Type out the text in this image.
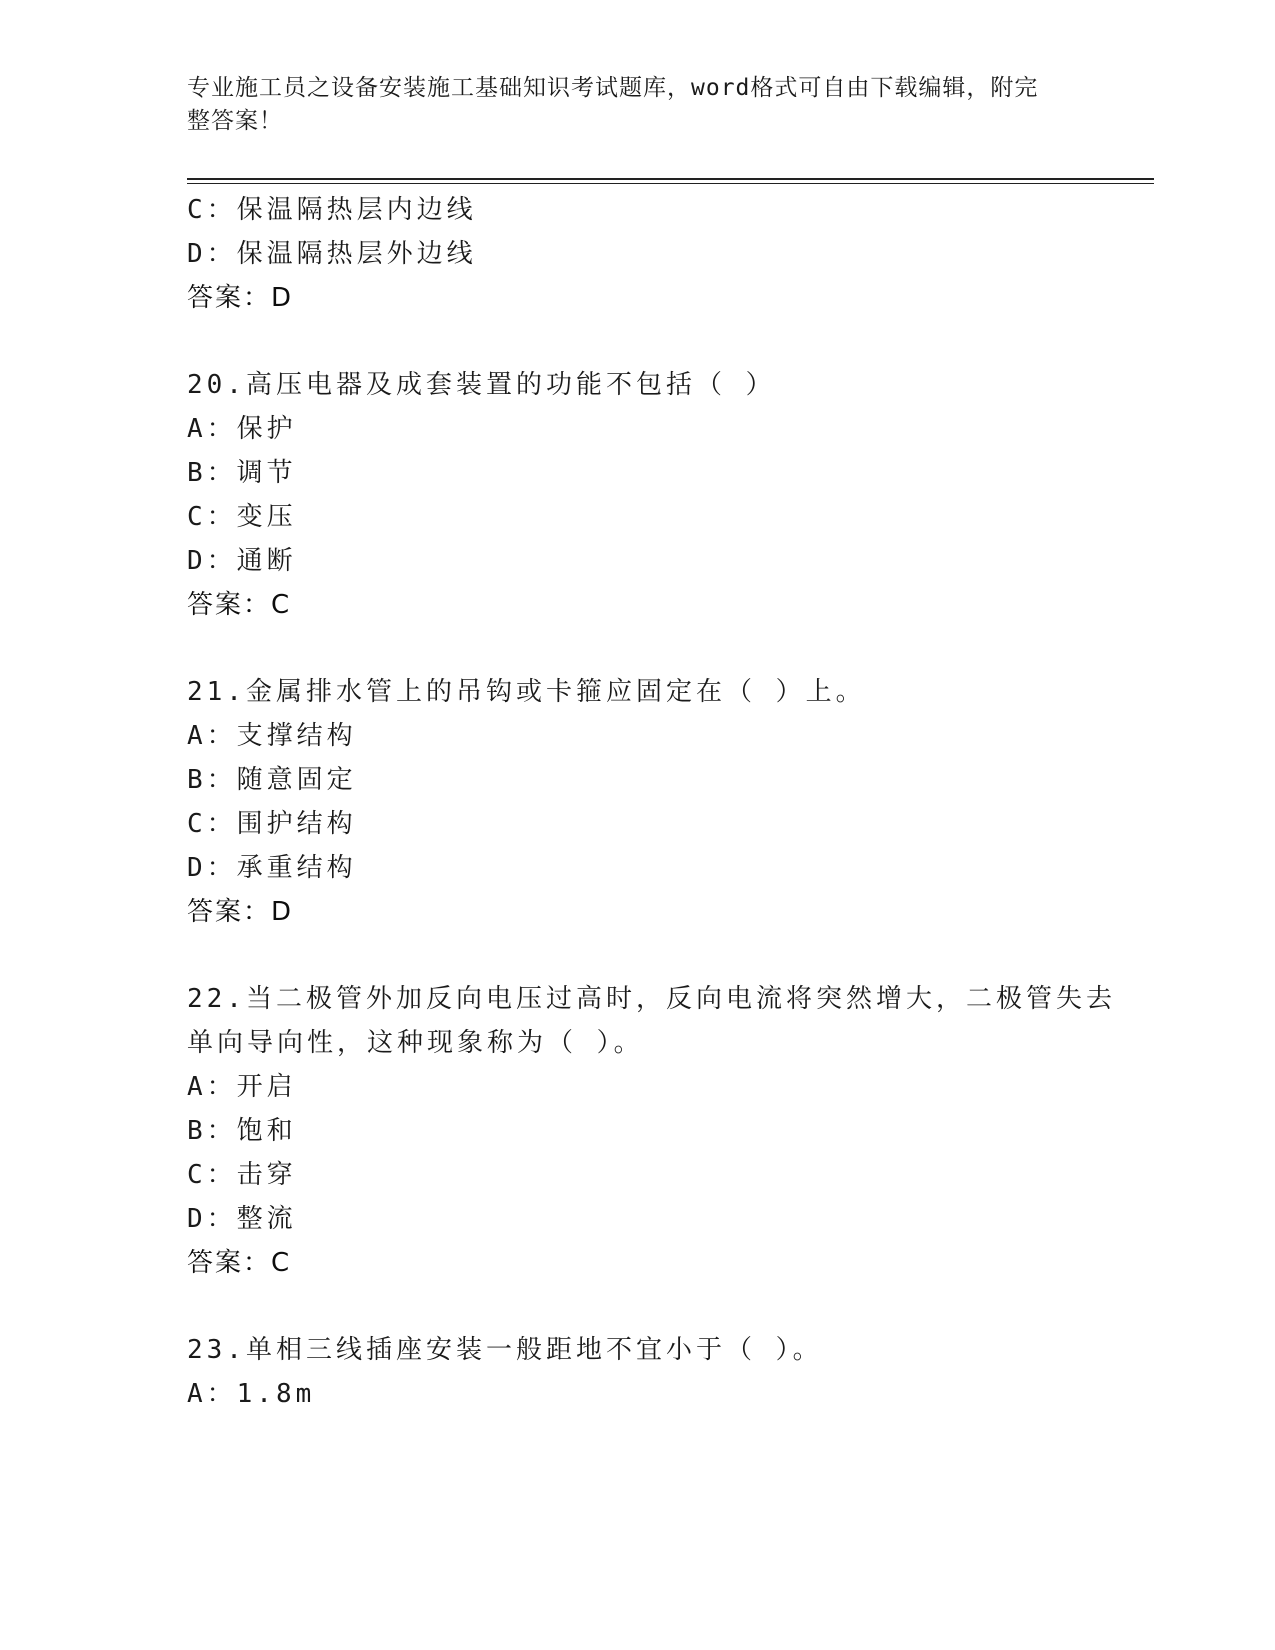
专业施工员之设备安装施工基础知识考试题库，word格式可自由下载编辑，附完
整答案！
C：保温隔热层内边线
D：保温隔热层外边线
答案：D
20.高压电器及成套装置的功能不包括（ ）
A：保护
B：调节
C：变压
D：通断
答案：C
21.金属排水管上的吊钩或卡箍应固定在（ ）上。
A：支撑结构
B：随意固定
C：围护结构
D：承重结构
答案：D
22.当二极管外加反向电压过高时，反向电流将突然增大，二极管失去
单向导向性，这种现象称为（ ）。
A：开启
B：饱和
C：击穿
D：整流
答案：C
23.单相三线插座安装一般距地不宜小于（ ）。
A：1.8m
